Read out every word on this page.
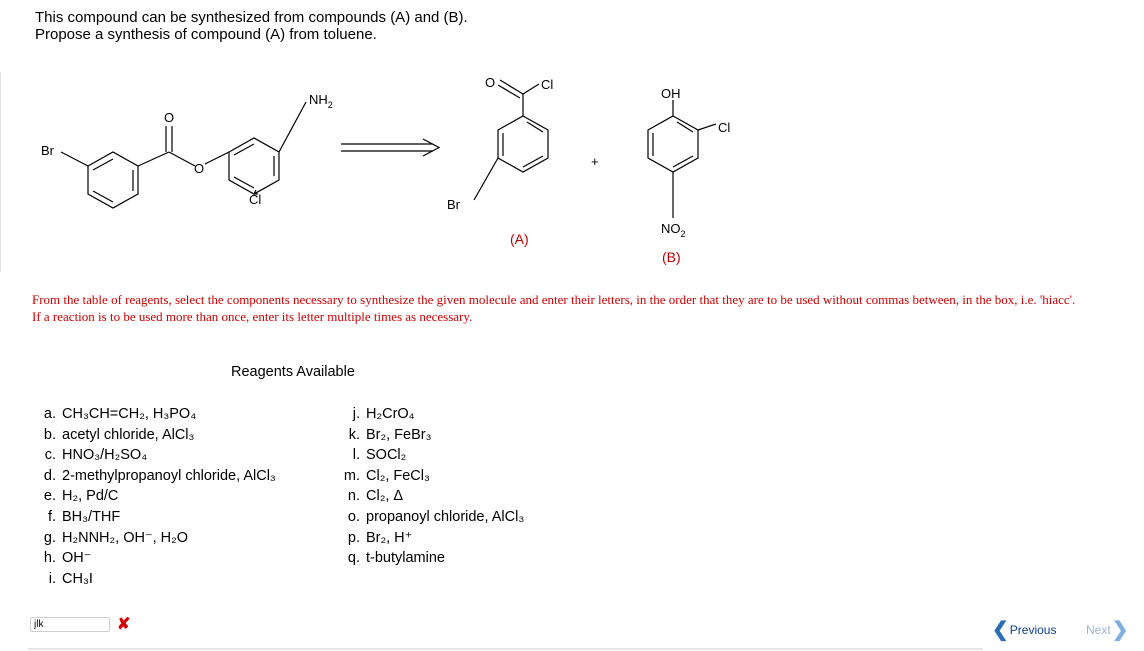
This compound can be synthesized from compounds (A) and (B).
Propose a synthesis of compound (A) from toluene.
Br
O
O
$NH_2$
Cl
O	Cl
Br
+
OH
Cl
$NO_2$
(A)
(B)
From the table of reagents, select the components necessary to synthesize the given molecule and enter their letters, in the order that they are to be used without commas between, in the box, i.e. 'hiacc'.
If a reaction is to be used more than once, enter its letter multiple times as necessary.
Reagents Available
a. CH₃CH=CH₂, H₃PO₄
b. acetyl chloride, AlCl₃
c. HNO₃/H₂SO₄
d. 2-methylpropanoyl chloride, AlCl₃
e. H₂, Pd/C
f. BH₃/THF
g. H₂NNH₂, OH⁻, H₂O
h. OH⁻
i. CH₃I
j. H₂CrO₄
k. Br₂, FeBr₃
l. SOCl₂
m. Cl₂, FeCl₃
n. Cl₂, Δ
o. propanoyl chloride, AlCl₃
p. Br₂, H⁺
q. t-butylamine
jlk
✘	❮ Previous Next ❯
